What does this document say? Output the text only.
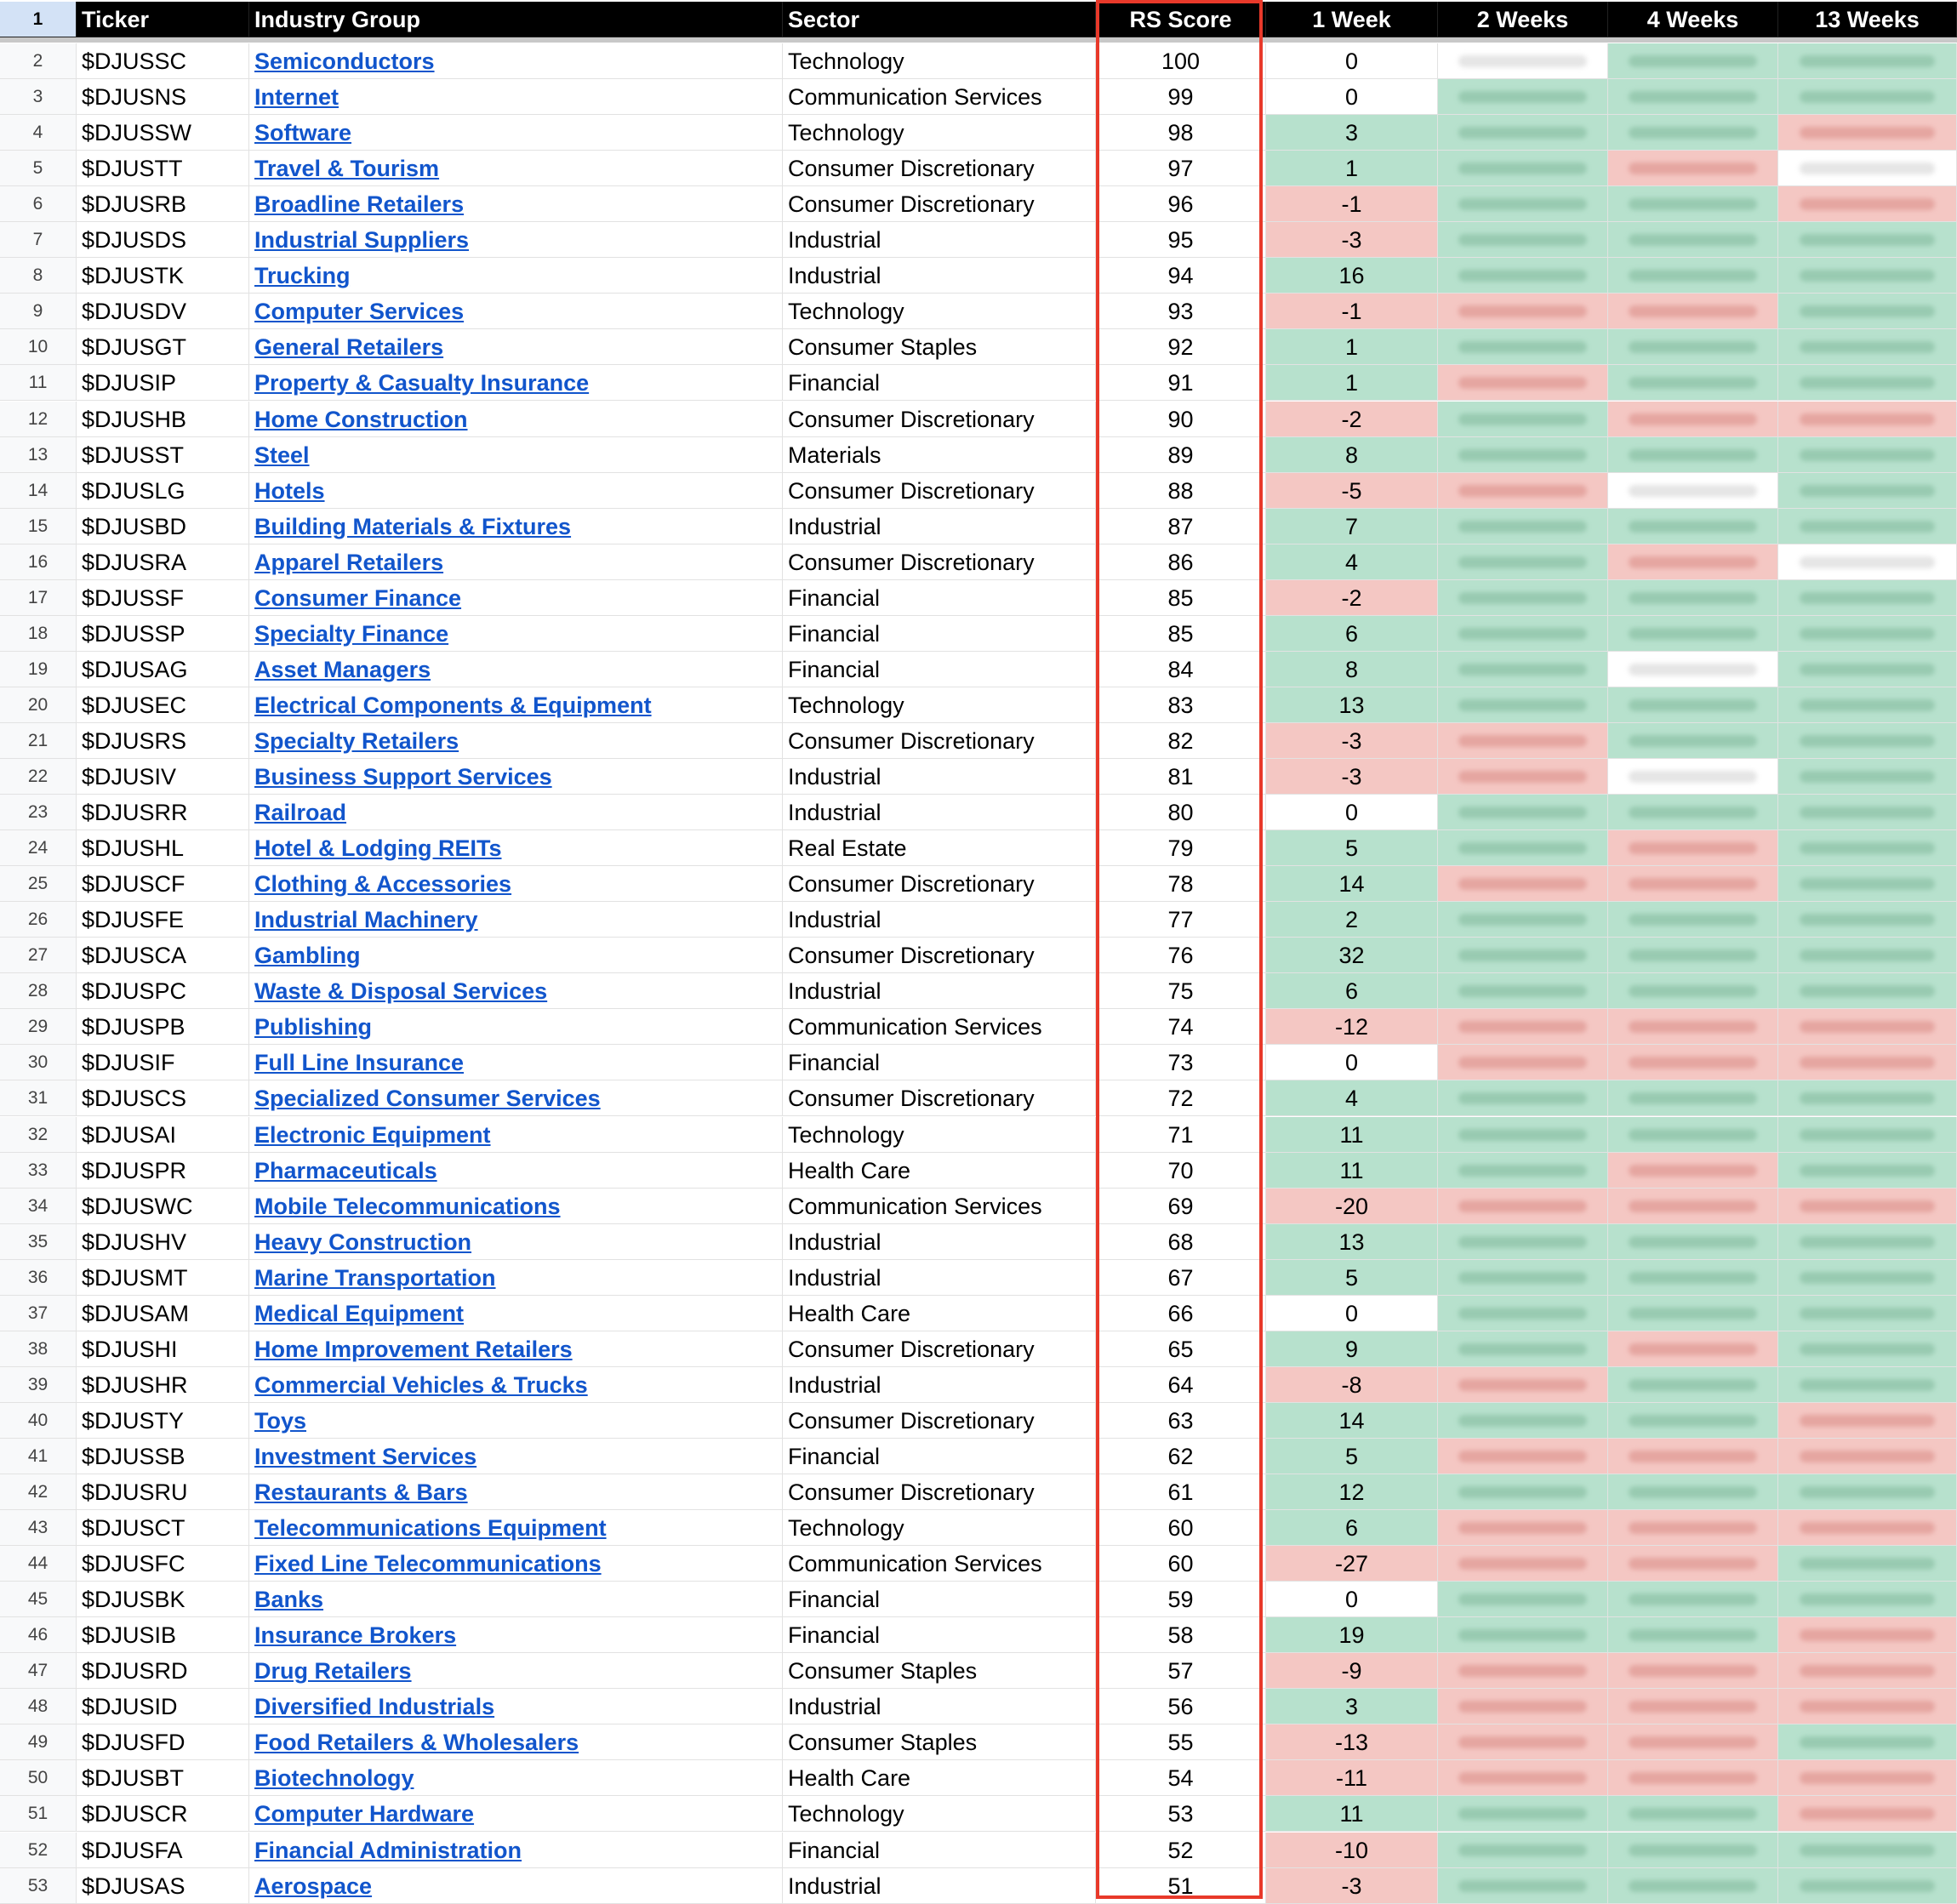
1	Ticker	Industry Group	Sector	RS Score	1 Week	2 Weeks	4 Weeks	13 Weeks
2	$DJUSSC	Semiconductors	Technology	100	0
3	$DJUSNS	Internet	Communication Services	99	0
4	$DJUSSW	Software	Technology	98	3
5	$DJUSTT	Travel & Tourism	Consumer Discretionary	97	1
6	$DJUSRB	Broadline Retailers	Consumer Discretionary	96	-1
7	$DJUSDS	Industrial Suppliers	Industrial	95	-3
8	$DJUSTK	Trucking	Industrial	94	16
9	$DJUSDV	Computer Services	Technology	93	-1
10	$DJUSGT	General Retailers	Consumer Staples	92	1
11	$DJUSIP	Property & Casualty Insurance	Financial	91	1
12	$DJUSHB	Home Construction	Consumer Discretionary	90	-2
13	$DJUSST	Steel	Materials	89	8
14	$DJUSLG	Hotels	Consumer Discretionary	88	-5
15	$DJUSBD	Building Materials & Fixtures	Industrial	87	7
16	$DJUSRA	Apparel Retailers	Consumer Discretionary	86	4
17	$DJUSSF	Consumer Finance	Financial	85	-2
18	$DJUSSP	Specialty Finance	Financial	85	6
19	$DJUSAG	Asset Managers	Financial	84	8
20	$DJUSEC	Electrical Components & Equipment	Technology	83	13
21	$DJUSRS	Specialty Retailers	Consumer Discretionary	82	-3
22	$DJUSIV	Business Support Services	Industrial	81	-3
23	$DJUSRR	Railroad	Industrial	80	0
24	$DJUSHL	Hotel & Lodging REITs	Real Estate	79	5
25	$DJUSCF	Clothing & Accessories	Consumer Discretionary	78	14
26	$DJUSFE	Industrial Machinery	Industrial	77	2
27	$DJUSCA	Gambling	Consumer Discretionary	76	32
28	$DJUSPC	Waste & Disposal Services	Industrial	75	6
29	$DJUSPB	Publishing	Communication Services	74	-12
30	$DJUSIF	Full Line Insurance	Financial	73	0
31	$DJUSCS	Specialized Consumer Services	Consumer Discretionary	72	4
32	$DJUSAI	Electronic Equipment	Technology	71	11
33	$DJUSPR	Pharmaceuticals	Health Care	70	11
34	$DJUSWC	Mobile Telecommunications	Communication Services	69	-20
35	$DJUSHV	Heavy Construction	Industrial	68	13
36	$DJUSMT	Marine Transportation	Industrial	67	5
37	$DJUSAM	Medical Equipment	Health Care	66	0
38	$DJUSHI	Home Improvement Retailers	Consumer Discretionary	65	9
39	$DJUSHR	Commercial Vehicles & Trucks	Industrial	64	-8
40	$DJUSTY	Toys	Consumer Discretionary	63	14
41	$DJUSSB	Investment Services	Financial	62	5
42	$DJUSRU	Restaurants & Bars	Consumer Discretionary	61	12
43	$DJUSCT	Telecommunications Equipment	Technology	60	6
44	$DJUSFC	Fixed Line Telecommunications	Communication Services	60	-27
45	$DJUSBK	Banks	Financial	59	0
46	$DJUSIB	Insurance Brokers	Financial	58	19
47	$DJUSRD	Drug Retailers	Consumer Staples	57	-9
48	$DJUSID	Diversified Industrials	Industrial	56	3
49	$DJUSFD	Food Retailers & Wholesalers	Consumer Staples	55	-13
50	$DJUSBT	Biotechnology	Health Care	54	-11
51	$DJUSCR	Computer Hardware	Technology	53	11
52	$DJUSFA	Financial Administration	Financial	52	-10
53	$DJUSAS	Aerospace	Industrial	51	-3
